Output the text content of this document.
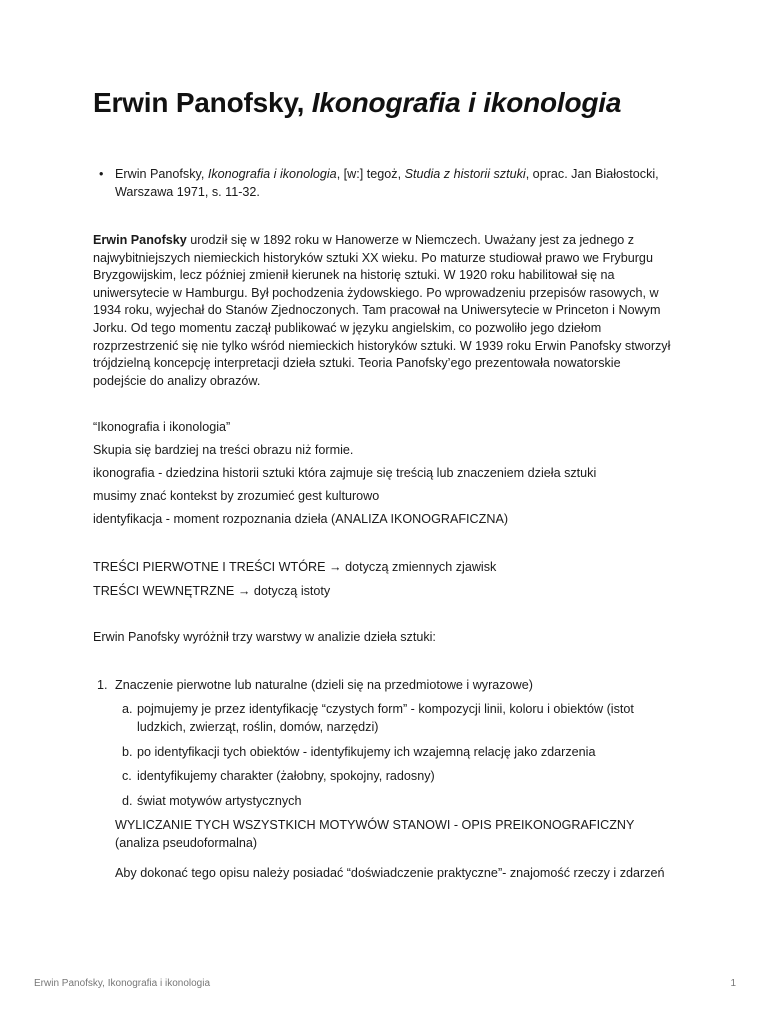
Erwin Panofsky, Ikonografia i ikonologia
• Erwin Panofsky, Ikonografia i ikonologia, [w:] tegoż, Studia z historii sztuki, oprac. Jan Białostocki, Warszawa 1971, s. 11-32.

Erwin Panofsky urodził się w 1892 roku w Hanowerze w Niemczech. Uważany jest za jednego z najwybitniejszych niemieckich historyków sztuki XX wieku. Po maturze studiował prawo we Fryburgu Bryzgowijskim, lecz później zmienił kierunek na historię sztuki. W 1920 roku habilitował się na uniwersytecie w Hamburgu. Był pochodzenia żydowskiego. Po wprowadzeniu przepisów rasowych, w 1934 roku, wyjechał do Stanów Zjednoczonych. Tam pracował na Uniwersytecie w Princeton i Nowym Jorku. Od tego momentu zaczął publikować w języku angielskim, co pozwoliło jego dziełom rozprzestrzenić się nie tylko wśród niemieckich historyków sztuki. W 1939 roku Erwin Panofsky stworzył trójdzielną koncepcję interpretacji dzieła sztuki. Teoria Panofsky’ego prezentowała nowatorskie podejście do analizy obrazów.

“Ikonografia i ikonologia”

Skupia się bardziej na treści obrazu niż formie.

ikonografia - dziedzina historii sztuki która zajmuje się treścią lub znaczeniem dzieła sztuki

musimy znać kontekst by zrozumieć gest kulturowo

identyfikacja - moment rozpoznania dzieła (ANALIZA IKONOGRAFICZNA)

TREŚCI PIERWOTNE I TREŚCI WTÓRE → dotyczą zmiennych zjawisk

TREŚCI WEWNĘTRZNE → dotyczą istoty

Erwin Panofsky wyróżnił trzy warstwy w analizie dzieła sztuki:

1. Znaczenie pierwotne lub naturalne (dzieli się na przedmiotowe i wyrazowe)
a. pojmujemy je przez identyfikację “czystych form” - kompozycji linii, koloru i obiektów (istot ludzkich, zwierząt, roślin, domów, narzędzi)
b. po identyfikacji tych obiektów - identyfikujemy ich wzajemną relację jako zdarzenia
c. identyfikujemy charakter (żałobny, spokojny, radosny)
d. świat motywów artystycznych

WYLICZANIE TYCH WSZYSTKICH MOTYWÓW STANOWI - OPIS PREIKONOGRAFICZNY (analiza pseudoformalna)

Aby dokonać tego opisu należy posiadać “doświadczenie praktyczne”- znajomość rzeczy i zdarzeń

Erwin Panofsky, Ikonografia i ikonologia	1
